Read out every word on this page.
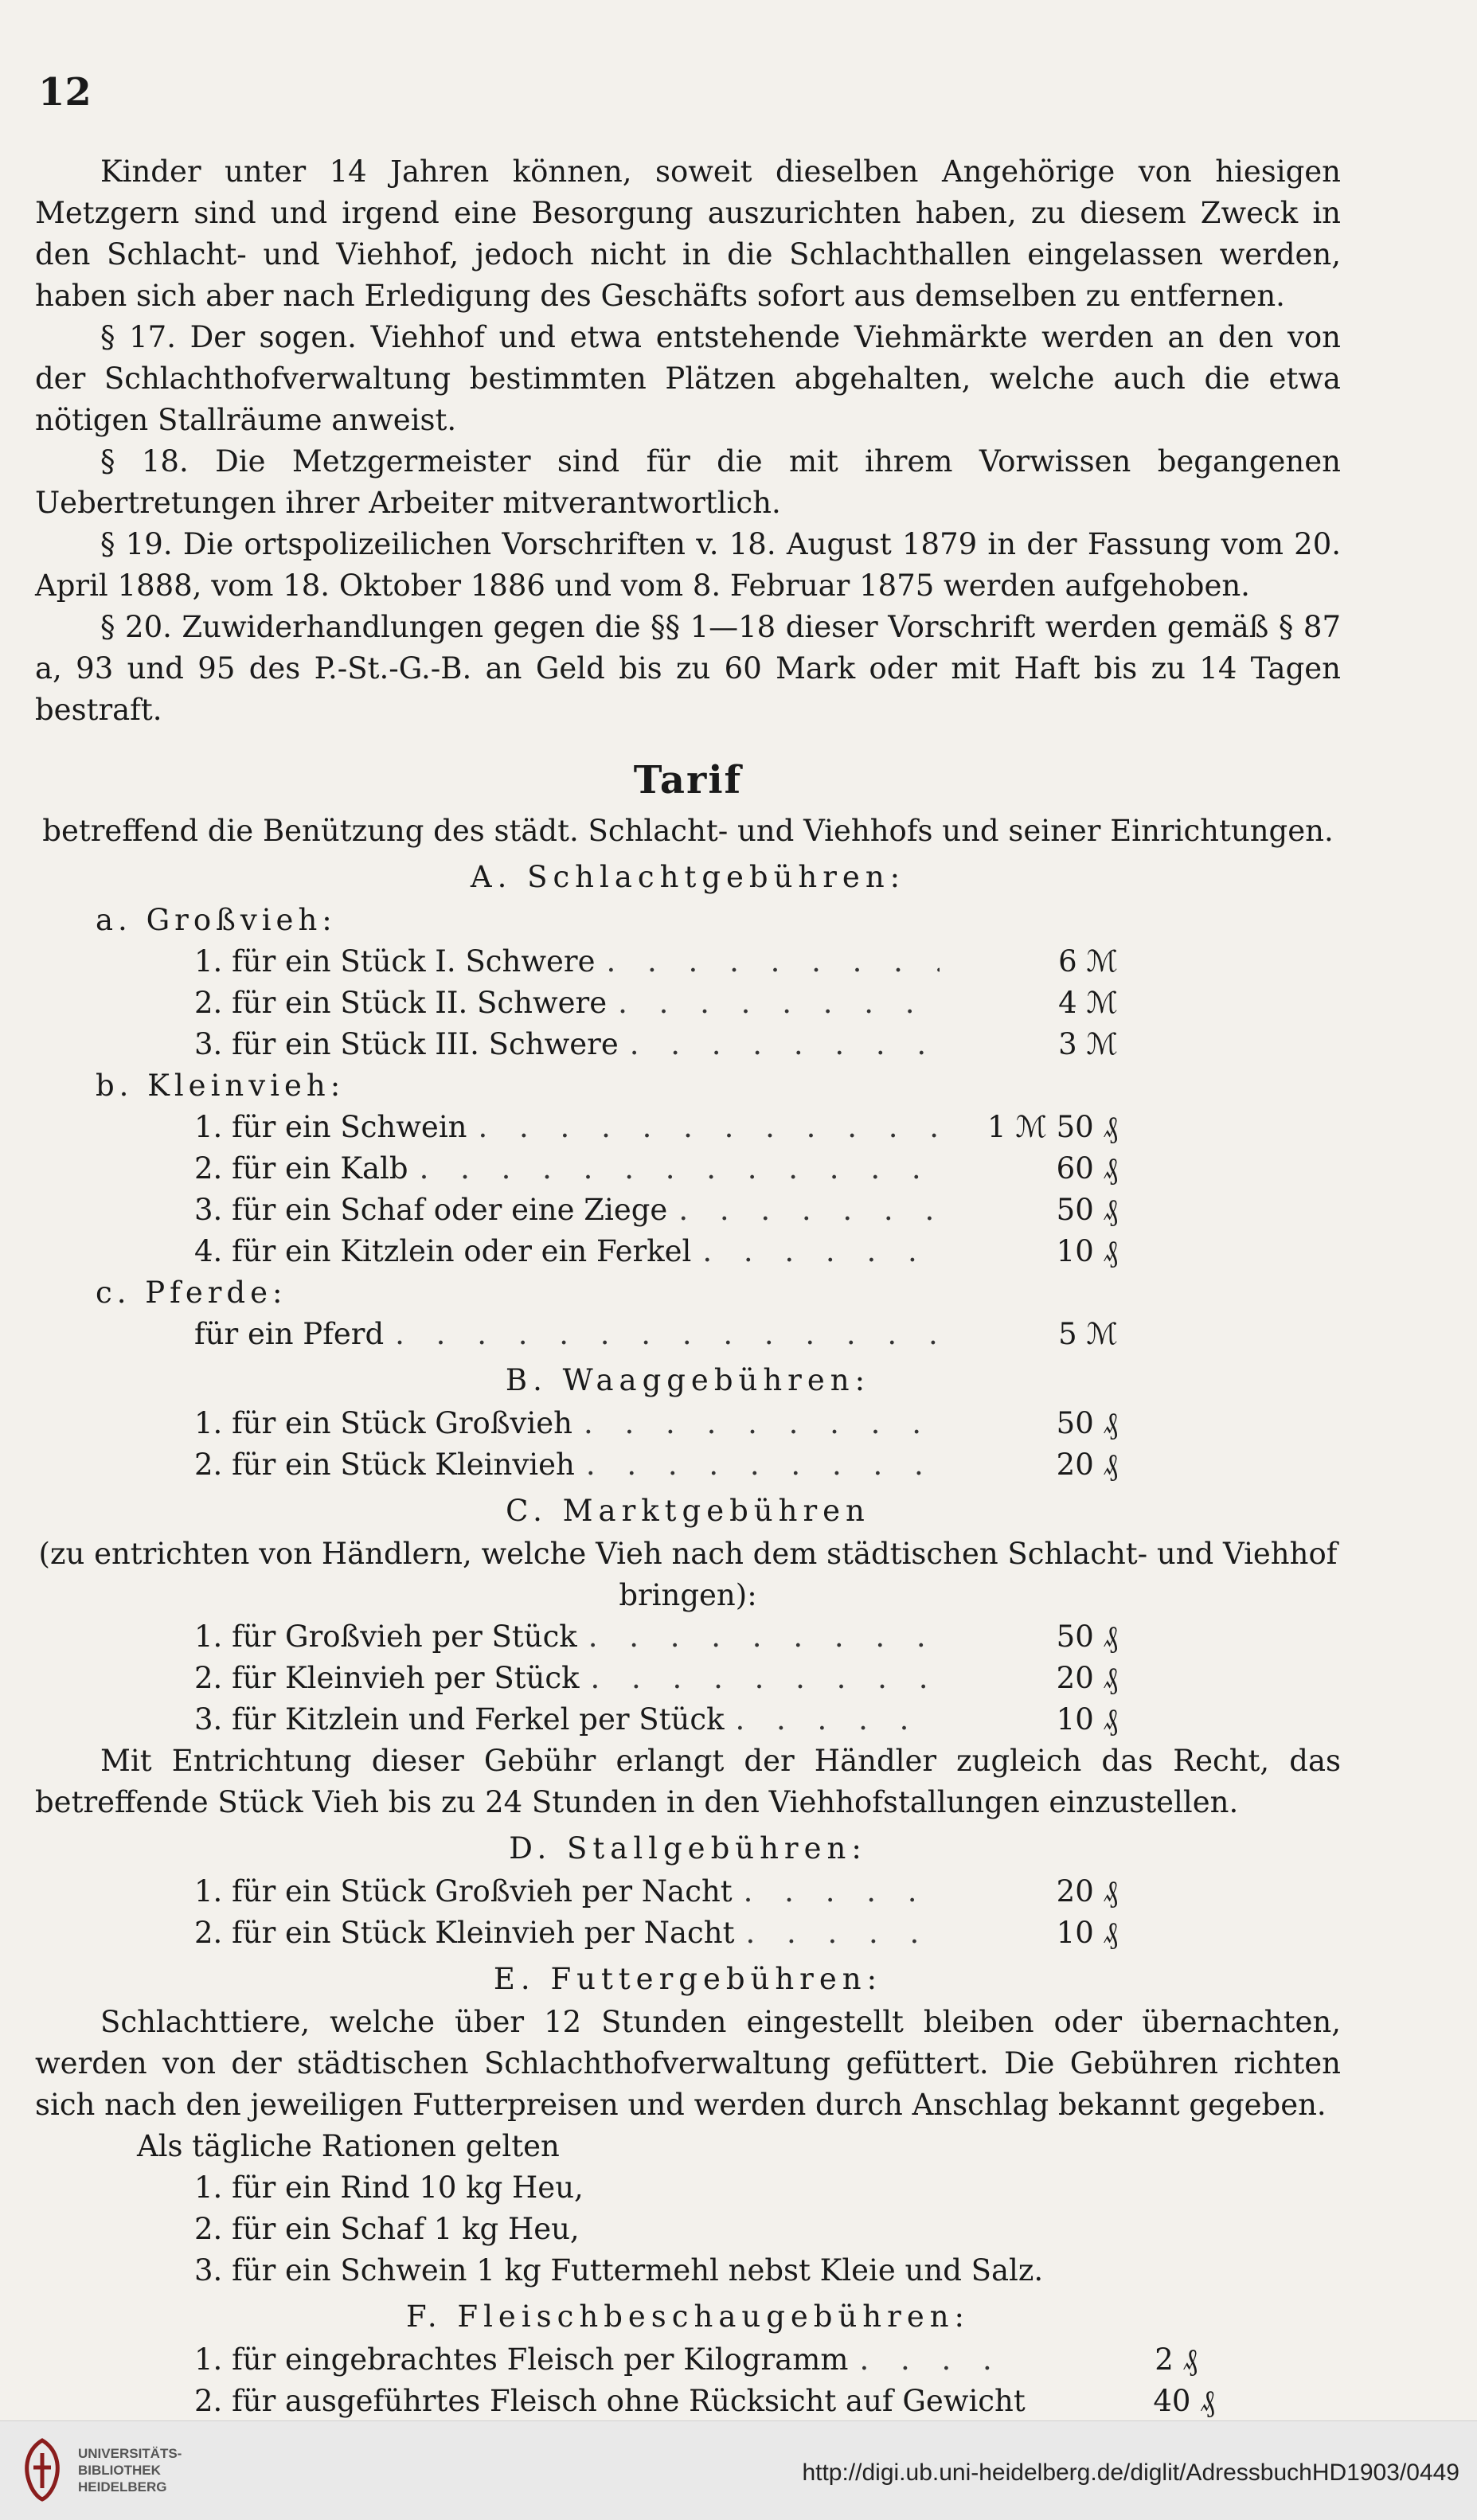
12

Kinder unter 14 Jahren können, soweit dieselben Angehörige von hiesigen Metzgern sind und irgend eine Besorgung auszurichten haben, zu diesem Zweck in den Schlacht- und Viehhof, jedoch nicht in die Schlachthallen eingelassen werden, haben sich aber nach Erledigung des Geschäfts sofort aus demselben zu entfernen.

§ 17. Der sogen. Viehhof und etwa entstehende Viehmärkte werden an den von der Schlachthofverwaltung bestimmten Plätzen abgehalten, welche auch die etwa nötigen Stallräume anweist.

§ 18. Die Metzgermeister sind für die mit ihrem Vorwissen begangenen Uebertretungen ihrer Arbeiter mitverantwortlich.

§ 19. Die ortspolizeilichen Vorschriften v. 18. August 1879 in der Fassung vom 20. April 1888, vom 18. Oktober 1886 und vom 8. Februar 1875 werden aufgehoben.

§ 20. Zuwiderhandlungen gegen die §§ 1—18 dieser Vorschrift werden gemäß § 87 a, 93 und 95 des P.-St.-G.-B. an Geld bis zu 60 Mark oder mit Haft bis zu 14 Tagen bestraft.

Tarif

betreffend die Benützung des städt. Schlacht- und Viehhofs und seiner Einrichtungen.

A. Schlachtgebühren:
a. Großvieh:
1. für ein Stück I. Schwere . . .	6 ℳ
2. für ein Stück II. Schwere . . .	4 ℳ
3. für ein Stück III. Schwere . . .	3 ℳ
b. Kleinvieh:
1. für ein Schwein . . .	1 ℳ 50 ₰
2. für ein Kalb . . .	60 ₰
3. für ein Schaf oder eine Ziege . . .	50 ₰
4. für ein Kitzlein oder ein Ferkel . . .	10 ₰
c. Pferde:
für ein Pferd . . .	5 ℳ
B. Waaggebühren:
1. für ein Stück Großvieh . . .	50 ₰
2. für ein Stück Kleinvieh . . .	20 ₰
C. Marktgebühren

(zu entrichten von Händlern, welche Vieh nach dem städtischen Schlacht- und Viehhof bringen):

1. für Großvieh per Stück . . .	50 ₰
2. für Kleinvieh per Stück . . .	20 ₰
3. für Kitzlein und Ferkel per Stück . . .	10 ₰

Mit Entrichtung dieser Gebühr erlangt der Händler zugleich das Recht, das betreffende Stück Vieh bis zu 24 Stunden in den Viehhofstallungen einzustellen.

D. Stallgebühren:
1. für ein Stück Großvieh per Nacht . . .	20 ₰
2. für ein Stück Kleinvieh per Nacht . . .	10 ₰
E. Futtergebühren:

Schlachttiere, welche über 12 Stunden eingestellt bleiben oder übernachten, werden von der städtischen Schlachthofverwaltung gefüttert. Die Gebühren richten sich nach den jeweiligen Futterpreisen und werden durch Anschlag bekannt gegeben.

Als tägliche Rationen gelten
1. für ein Rind 10 kg Heu,
2. für ein Schaf 1 kg Heu,
3. für ein Schwein 1 kg Futtermehl nebst Kleie und Salz.
F. Fleischbeschaugebühren:
1. für eingebrachtes Fleisch per Kilogramm . . .	2 ₰
2. für ausgeführtes Fleisch ohne Rücksicht auf Gewicht	40 ₰
UNIVERSITÄTS-
BIBLIOTHEK
HEIDELBERG
http://digi.ub.uni-heidelberg.de/diglit/AdressbuchHD1903/0449
